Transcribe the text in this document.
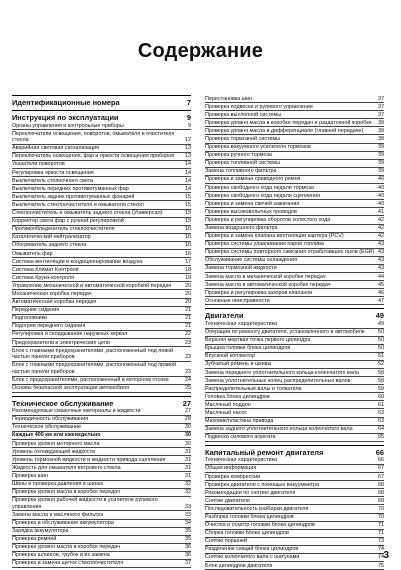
Содержание
Идентификационные номера	7
Инструкция по эксплуатации	9
Органы управления и контрольные приборы	9
Переключатели освещения, поворотов, омывателя и очистителя стекла	12
Аварийная световая сигнализация	13
Переключатель освещения, фар и яркости освещения приборов	13
Указатели поворотов	14
Регулировка яркости освещения	14
Выключатель стояночного света	14
Выключатель передних противотуманных фар	14
Выключатель задних противотуманных фонарей	15
Выключатель стеклоочистителя и омывателя стекол	15
Стеклоочиститель и омыватель заднего стекла (Универсал)	15
Корректор света фар с ручной регулировкой	15
Противообледенитель стеклоочистителя	16
Каталитический нейтрализатор	16
Обогреватель заднего стекла	16
Омыватель фар	16
Система вентиляции и кондиционирование воздуха	17
Система Климат Контроля	18
Система Круиз-контроля	19
Управление механической и автоматической коробкой передач	20
Механическая коробка передач	20
Автоматическая коробка передач	20
Передние сидения	21
Подголовники	21
Подогрев переднего сидения	21
Регулировка и складывание наружных зеркал	22
Предохранители и электрические цепи	23
Блок с главными предохранителями, расположенный под левой частью панели приборов	23
Блок с главными предохранителями, расположенный под правой частью панели приборов	23
Блок с предохранителями, расположенный в моторном отсеке	24
Основы безопасной эксплуатации автомобиля	25
Техническое обслуживание	27
Рекомендуемые смазочные материалы и жидкости	27
Периодичность обслуживания	28
Техническое обслуживание	30
Каждые 400 км или еженедельно	30
Проверка уровня моторного масла	30
Уровень охлаждающей жидкости	31
Уровень тормозной жидкости и жидкости привода сцепления	31
Жидкость для омывателя ветрового стекла	31
Проверка шин	31
Шины и проверка давления в шинах	32
Проверка уровня масла в коробке передач	32
Проверка уровня рабочей жидкости в усилителе рулевого управления	33
Замена масла и масляного фильтра	33
Проверка и обслуживание аккумулятора	34
Зарядка аккумулятора	35
Проверка ремней	35
Проверка уровня масла в коробке передач	36
Проверка шлангов, трубок и их замена	36
Проверка и замена щеток стеклоочистителя	37
Перестановка шин	37
Проверка подвески и рулевого управления	37
Проверка выхлопной системы	37
Проверка уровня масла в коробке передач и раздаточной коробке	38
Проверка уровня масла в дифференциале (главной передаче)	38
Проверка тормозной системы	38
Проверка вакуумного усилителя тормозов	39
Проверка ручного тормоза	39
Проверка топливной системы	39
Замена топливного фильтра	39
Проверка и замена приводного ремня	40
Проверка свободного хода педали тормоза	40
Проверка свободного хода педали сцепления	40
Проверка и замена свечей зажигания	40
Проверка высоковольтных проводов	41
Проверка и регулировка оборотов холостого хода	42
Замена воздушного фильтра	42
Проверка и замена клапана вентиляции картера (PCV)	42
Проверка системы улавливания паров топлива	43
Проверка системы повторного сжигания отработавших газов (EGR) 43
Обслуживание системы охлаждения	43
Замена тормозной жидкости	43
Замена масла в механической коробке передач	44
Замена масла в автоматической коробке передач	45
Проверка и регулировка зазоров клапанов	46
Основные неисправности	47
Двигатели	49
Техническая характеристика	49
Операции по ремонту двигателя, установленного в автомобиле	50
Верхняя мертвая точка первого цилиндра	50
Крышка головки блока цилиндров	50
Впускной коллектор	51
Зубчатый ремень и шкивы	52
Замена переднего уплотнительного кольца коленчатого вала	58
Замена уплотнительных колец распределительных валов	58
Распределительные валы и толкатели	59
Головка блока цилиндров	60
Масляный поддон	61
Масляный насос	63
Маховик/пластина привода	63
Замена заднего уплотнительного кольца коленчатого вала	64
Подвеска силового агрегата	65
Капитальный ремонт двигателя	66
Техническая характеристика	66
Общая информация	67
Проверка компрессии	67
Проверка двигателя с помощью вакуумметра	68
Рекомендации по снятию двигателя	68
Снятие двигателя	69
Последовательность разборки двигателя	70
Разборка головки блока цилиндров	70
Очистка и осмотр головки блока цилиндров	71
Сборка головки блока цилиндров	71
Снятие поршней	73
Разделение секций блока цилиндров	74
Снятие коленчатого вала с шатунами	74
Блок цилиндров двигателя	75
3
